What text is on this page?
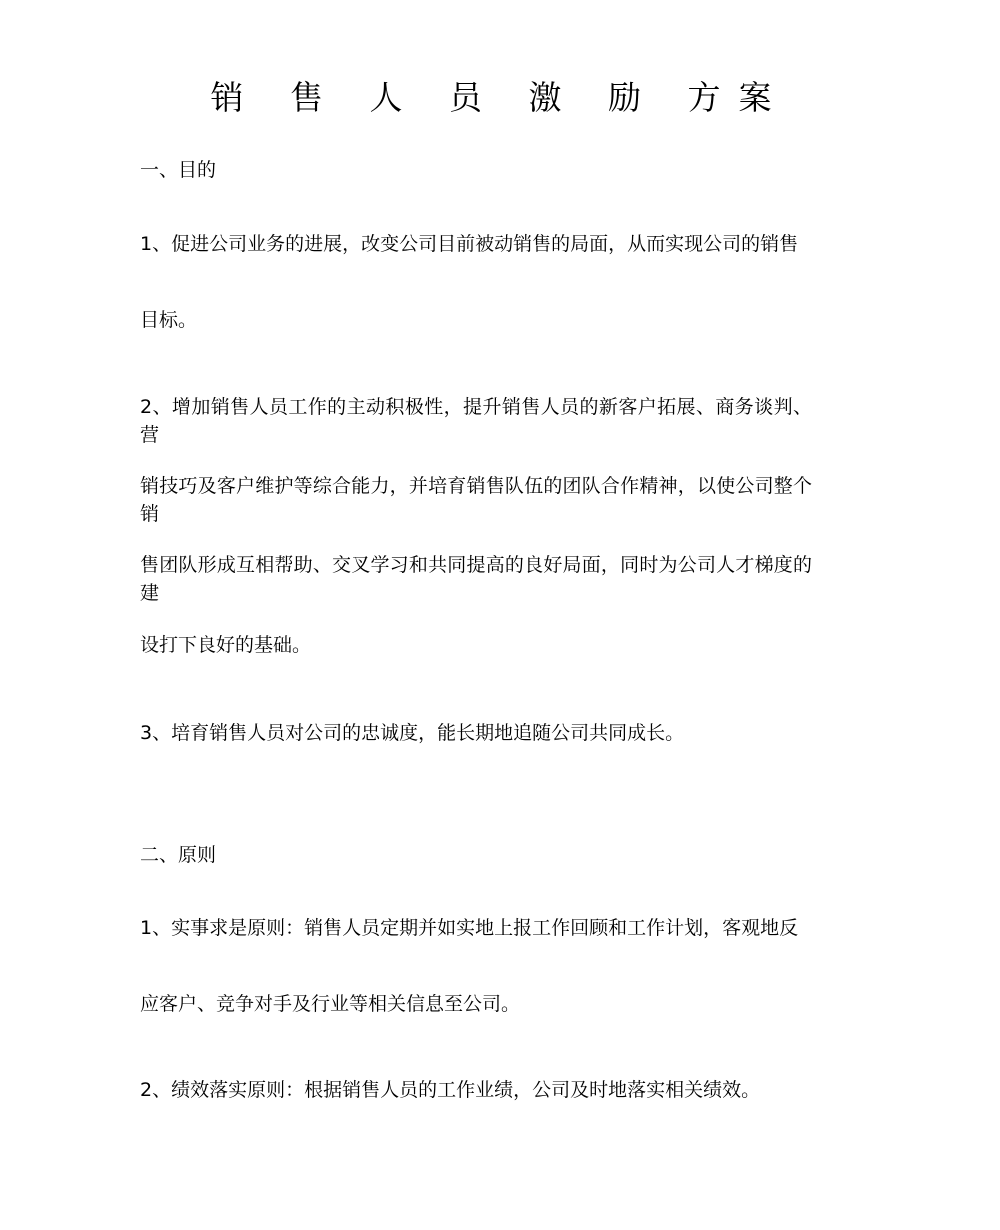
销 售 人 员 激 励 方案
一、目的
1、促进公司业务的进展，改变公司目前被动销售的局面，从而实现公司的销售
目标。
2、增加销售人员工作的主动积极性，提升销售人员的新客户拓展、商务谈判、营
销技巧及客户维护等综合能力，并培育销售队伍的团队合作精神，以使公司整个销
售团队形成互相帮助、交叉学习和共同提高的良好局面，同时为公司人才梯度的建
设打下良好的基础。
3、培育销售人员对公司的忠诚度，能长期地追随公司共同成长。
二、原则
1、实事求是原则：销售人员定期并如实地上报工作回顾和工作计划，客观地反
应客户、竞争对手及行业等相关信息至公司。
2、绩效落实原则：根据销售人员的工作业绩，公司及时地落实相关绩效。
